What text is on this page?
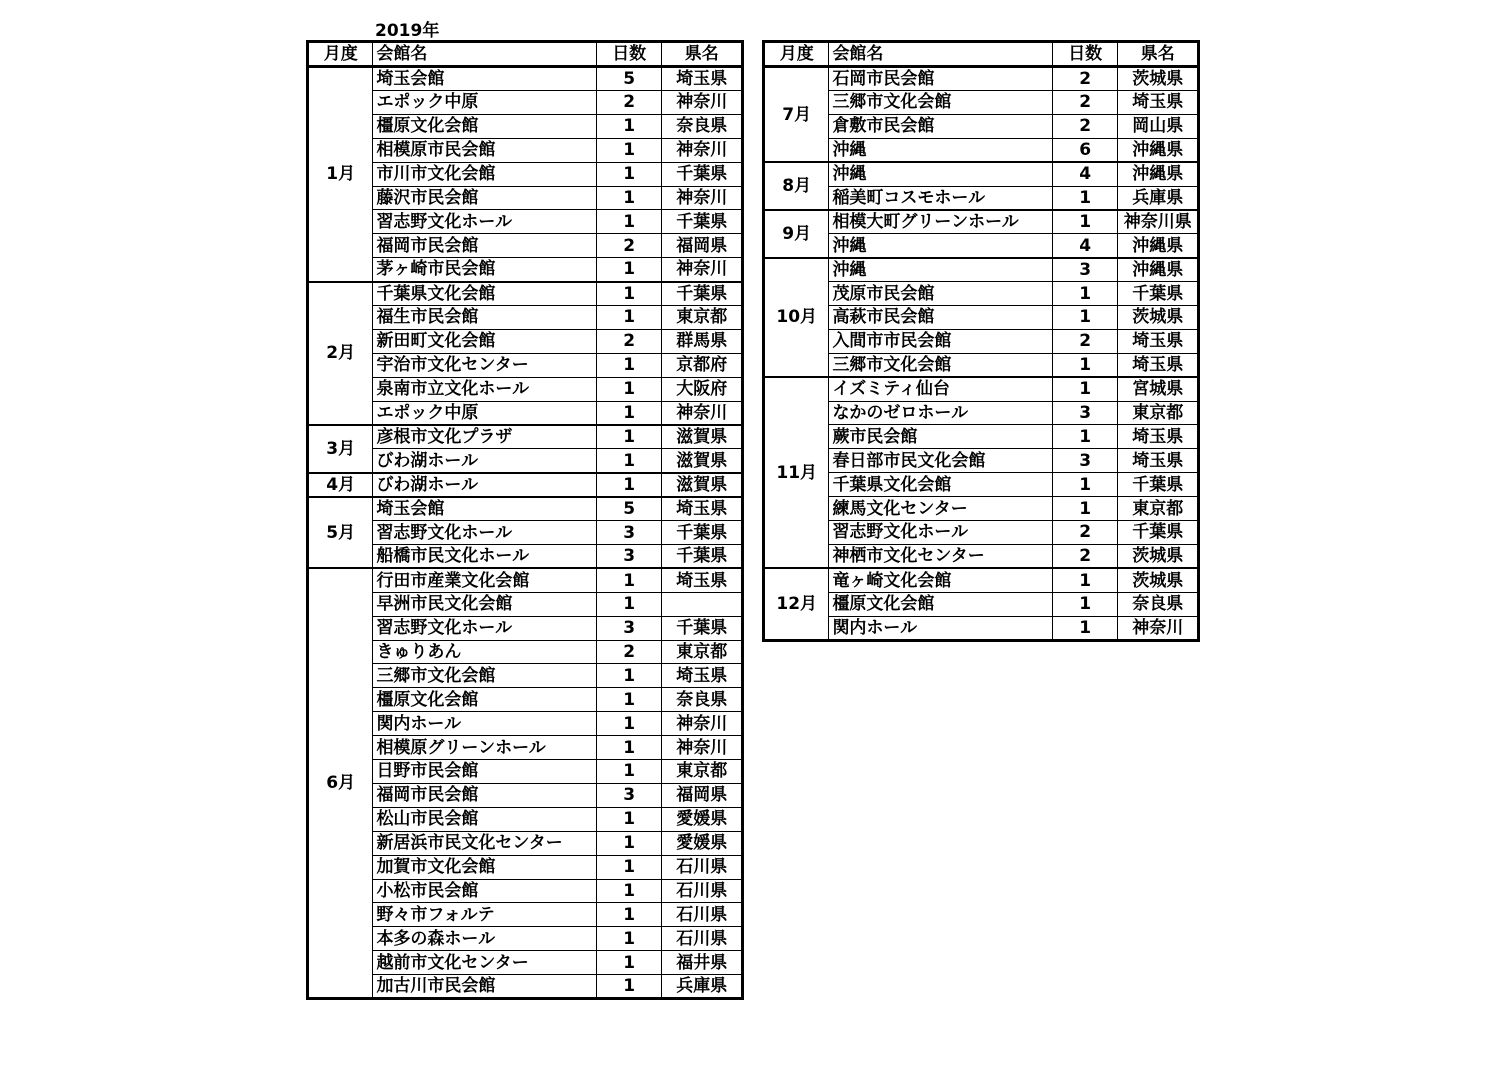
2019年
月度	会館名	日数	県名
1月	埼玉会館	5	埼玉県
	エポック中原	2	神奈川
	橿原文化会館	1	奈良県
	相模原市民会館	1	神奈川
	市川市文化会館	1	千葉県
	藤沢市民会館	1	神奈川
	習志野文化ホール	1	千葉県
	福岡市民会館	2	福岡県
	茅ヶ崎市民会館	1	神奈川
2月	千葉県文化会館	1	千葉県
	福生市民会館	1	東京都
	新田町文化会館	2	群馬県
	宇治市文化センター	1	京都府
	泉南市立文化ホール	1	大阪府
	エポック中原	1	神奈川
3月	彦根市文化プラザ	1	滋賀県
	びわ湖ホール	1	滋賀県
4月	びわ湖ホール	1	滋賀県
5月	埼玉会館	5	埼玉県
	習志野文化ホール	3	千葉県
	船橋市民文化ホール	3	千葉県
6月	行田市産業文化会館	1	埼玉県
	早洲市民文化会館	1	
	習志野文化ホール	3	千葉県
	きゅりあん	2	東京都
	三郷市文化会館	1	埼玉県
	橿原文化会館	1	奈良県
	関内ホール	1	神奈川
	相模原グリーンホール	1	神奈川
	日野市民会館	1	東京都
	福岡市民会館	3	福岡県
	松山市民会館	1	愛媛県
	新居浜市民文化センター	1	愛媛県
	加賀市文化会館	1	石川県
	小松市民会館	1	石川県
	野々市フォルテ	1	石川県
	本多の森ホール	1	石川県
	越前市文化センター	1	福井県
	加古川市民会館	1	兵庫県
月度	会館名	日数	県名
7月	石岡市民会館	2	茨城県
	三郷市文化会館	2	埼玉県
	倉敷市民会館	2	岡山県
	沖縄	6	沖縄県
8月	沖縄	4	沖縄県
	稲美町コスモホール	1	兵庫県
9月	相模大町グリーンホール	1	神奈川県
	沖縄	4	沖縄県
10月	沖縄	3	沖縄県
	茂原市民会館	1	千葉県
	高萩市民会館	1	茨城県
	入間市市民会館	2	埼玉県
	三郷市文化会館	1	埼玉県
11月	イズミティ仙台	1	宮城県
	なかのゼロホール	3	東京都
	蕨市民会館	1	埼玉県
	春日部市民文化会館	3	埼玉県
	千葉県文化会館	1	千葉県
	練馬文化センター	1	東京都
	習志野文化ホール	2	千葉県
	神栖市文化センター	2	茨城県
12月	竜ヶ崎文化会館	1	茨城県
	橿原文化会館	1	奈良県
	関内ホール	1	神奈川
